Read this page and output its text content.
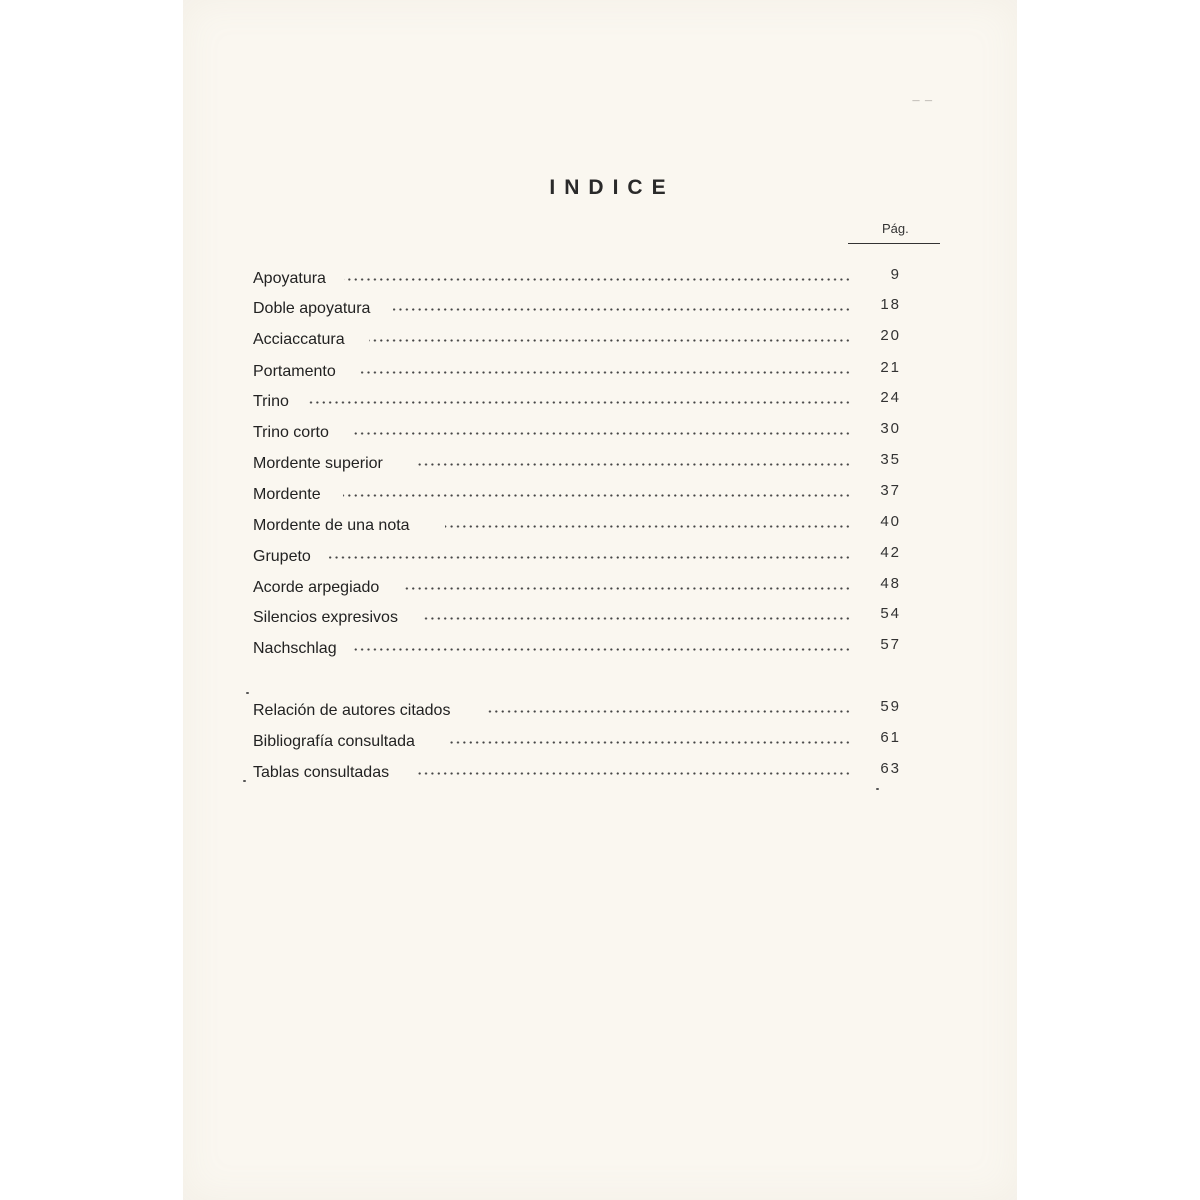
— —
INDICE
Pág.
Apoyatura	9
Doble apoyatura	18
Acciaccatura	20
Portamento	21
Trino	24
Trino corto	30
Mordente superior	35
Mordente	37
Mordente de una nota	40
Grupeto	42
Acorde arpegiado	48
Silencios expresivos	54
Nachschlag	57
Relación de autores citados	59
Bibliografía consultada	61
Tablas consultadas	63
